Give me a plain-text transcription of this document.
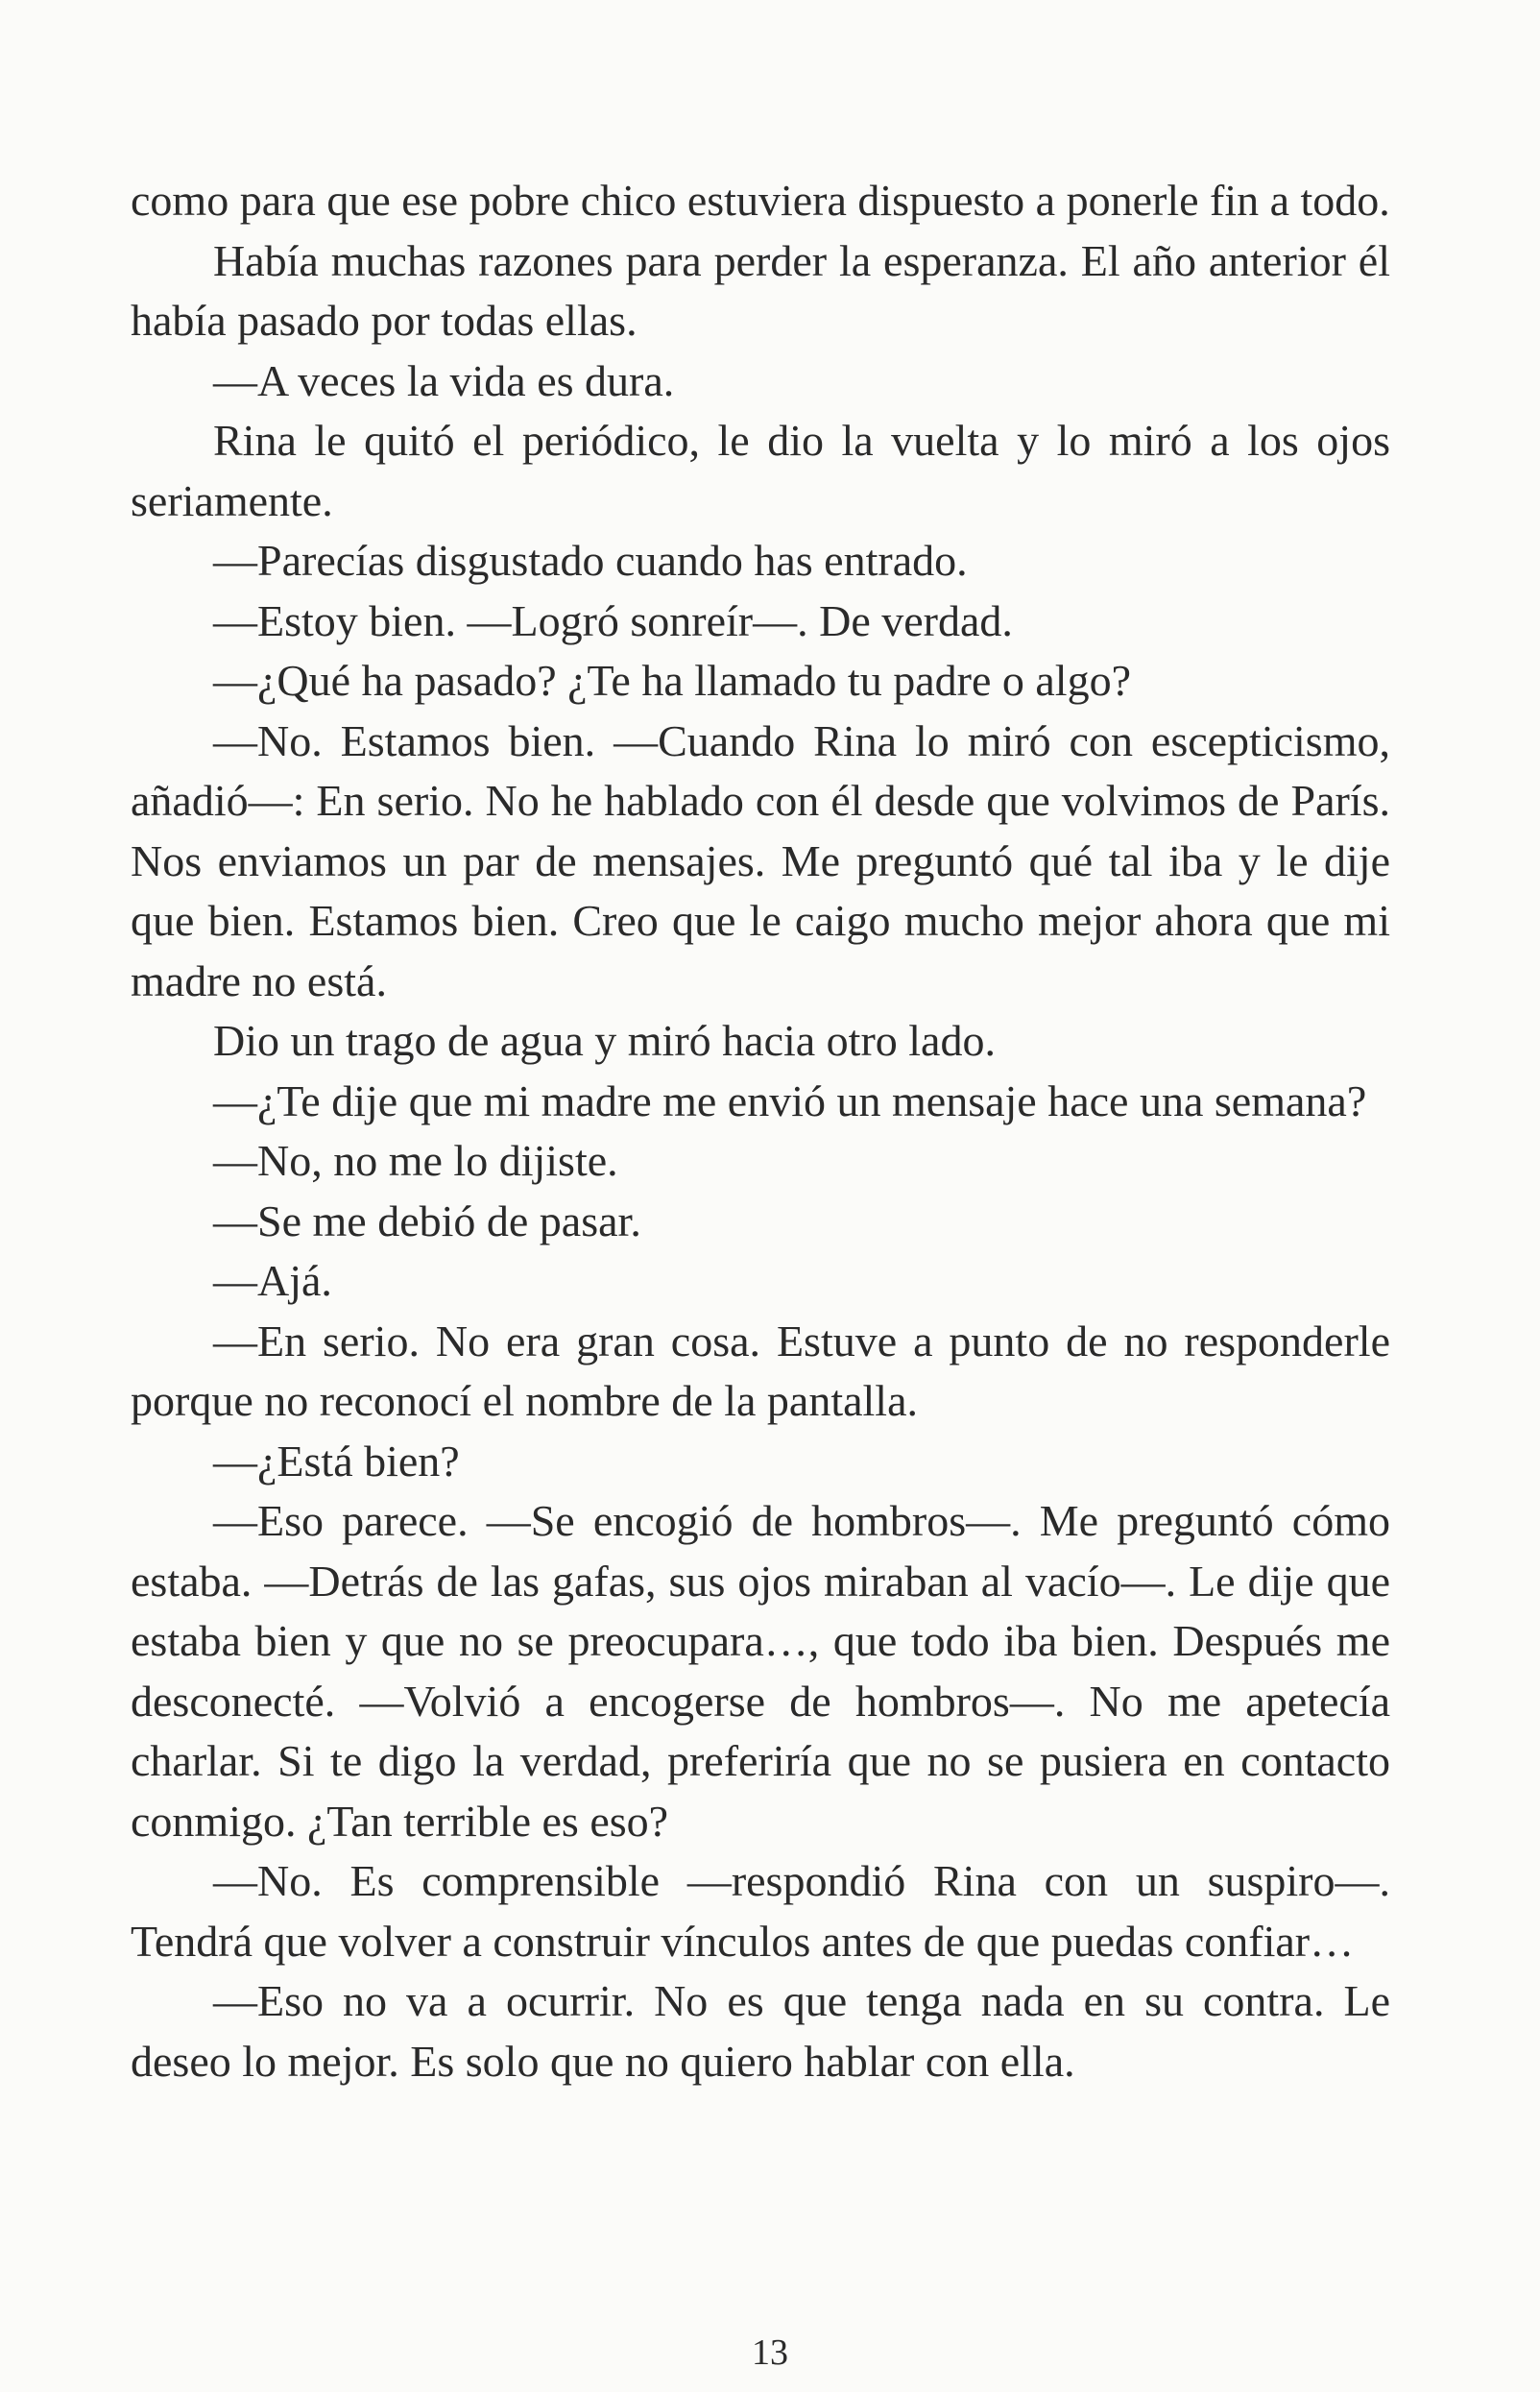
como para que ese pobre chico estuviera dispuesto a ponerle fin a todo.

Había muchas razones para perder la esperanza. El año anterior él había pasado por todas ellas.

—A veces la vida es dura.

Rina le quitó el periódico, le dio la vuelta y lo miró a los ojos seriamente.

—Parecías disgustado cuando has entrado.

—Estoy bien. —Logró sonreír—. De verdad.

—¿Qué ha pasado? ¿Te ha llamado tu padre o algo?

—No. Estamos bien. —Cuando Rina lo miró con escepticismo, añadió—: En serio. No he hablado con él desde que volvimos de París. Nos enviamos un par de mensajes. Me preguntó qué tal iba y le dije que bien. Estamos bien. Creo que le caigo mucho mejor ahora que mi madre no está.

Dio un trago de agua y miró hacia otro lado.

—¿Te dije que mi madre me envió un mensaje hace una semana?

—No, no me lo dijiste.

—Se me debió de pasar.

—Ajá.

—En serio. No era gran cosa. Estuve a punto de no responderle porque no reconocí el nombre de la pantalla.

—¿Está bien?

—Eso parece. —Se encogió de hombros—. Me preguntó cómo estaba. —Detrás de las gafas, sus ojos miraban al vacío—. Le dije que estaba bien y que no se preocupara…, que todo iba bien. Después me desconecté. —Volvió a encogerse de hombros—. No me apetecía charlar. Si te digo la verdad, preferiría que no se pusiera en contacto conmigo. ¿Tan terrible es eso?

—No. Es comprensible —respondió Rina con un suspiro—. Tendrá que volver a construir vínculos antes de que puedas confiar…

—Eso no va a ocurrir. No es que tenga nada en su contra. Le deseo lo mejor. Es solo que no quiero hablar con ella.

13
